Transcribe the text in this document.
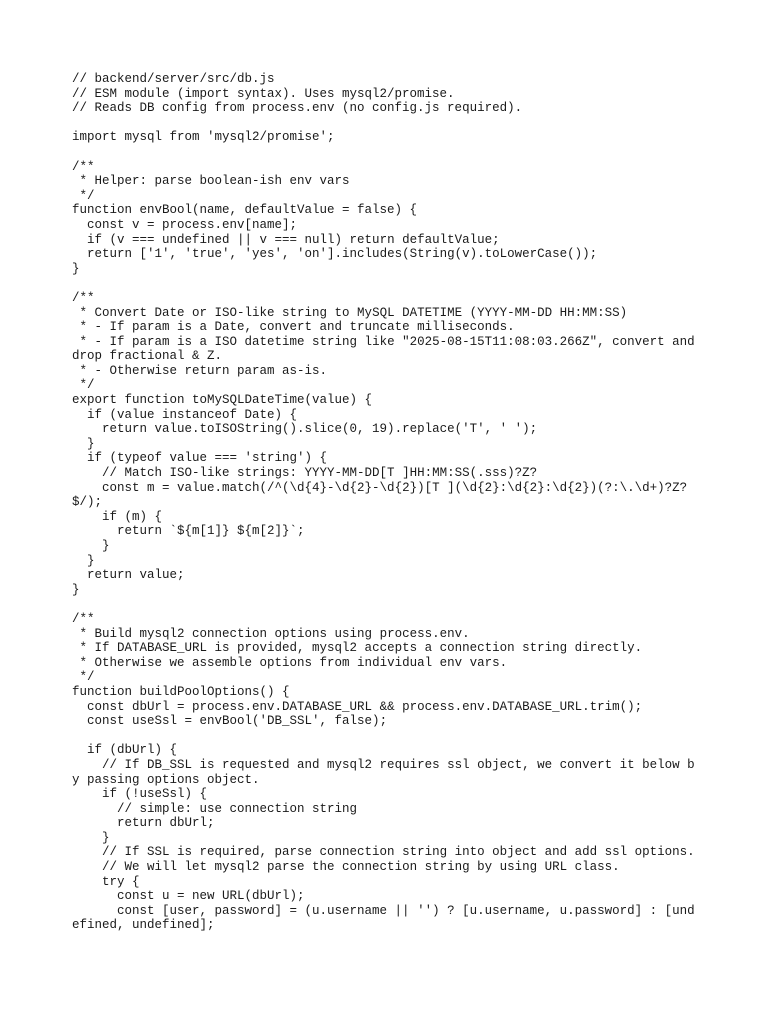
// backend/server/src/db.js
// ESM module (import syntax). Uses mysql2/promise.
// Reads DB config from process.env (no config.js required).
import mysql from 'mysql2/promise';
/**
* Helper: parse boolean-ish env vars
*/
function envBool(name, defaultValue = false) {
const v = process.env[name];
if (v === undefined || v === null) return defaultValue;
return ['1', 'true', 'yes', 'on'].includes(String(v).toLowerCase());
}
/**
* Convert Date or ISO-like string to MySQL DATETIME (YYYY-MM-DD HH:MM:SS)
* - If param is a Date, convert and truncate milliseconds.
* - If param is a ISO datetime string like "2025-08-15T11:08:03.266Z", convert and drop fractional & Z.
* - Otherwise return param as-is.
*/
export function toMySQLDateTime(value) {
if (value instanceof Date) {
return value.toISOString().slice(0, 19).replace('T', ' ');
}
if (typeof value === 'string') {
// Match ISO-like strings: YYYY-MM-DD[T ]HH:MM:SS(.sss)?Z?
const m = value.match(/^(\d{4}-\d{2}-\d{2})[T ](\d{2}:\d{2}:\d{2})(?:\.\d+)?Z?$/);
if (m) {
return `${m[1]} ${m[2]}`;
}
}
return value;
}
/**
* Build mysql2 connection options using process.env.
* If DATABASE_URL is provided, mysql2 accepts a connection string directly.
* Otherwise we assemble options from individual env vars.
*/
function buildPoolOptions() {
const dbUrl = process.env.DATABASE_URL && process.env.DATABASE_URL.trim();
const useSsl = envBool('DB_SSL', false);
if (dbUrl) {
// If DB_SSL is requested and mysql2 requires ssl object, we convert it below by passing options object.
if (!useSsl) {
// simple: use connection string
return dbUrl;
}
// If SSL is required, parse connection string into object and add ssl options.
// We will let mysql2 parse the connection string by using URL class.
try {
const u = new URL(dbUrl);
const [user, password] = (u.username || '') ? [u.username, u.password] : [undefined, undefined];
